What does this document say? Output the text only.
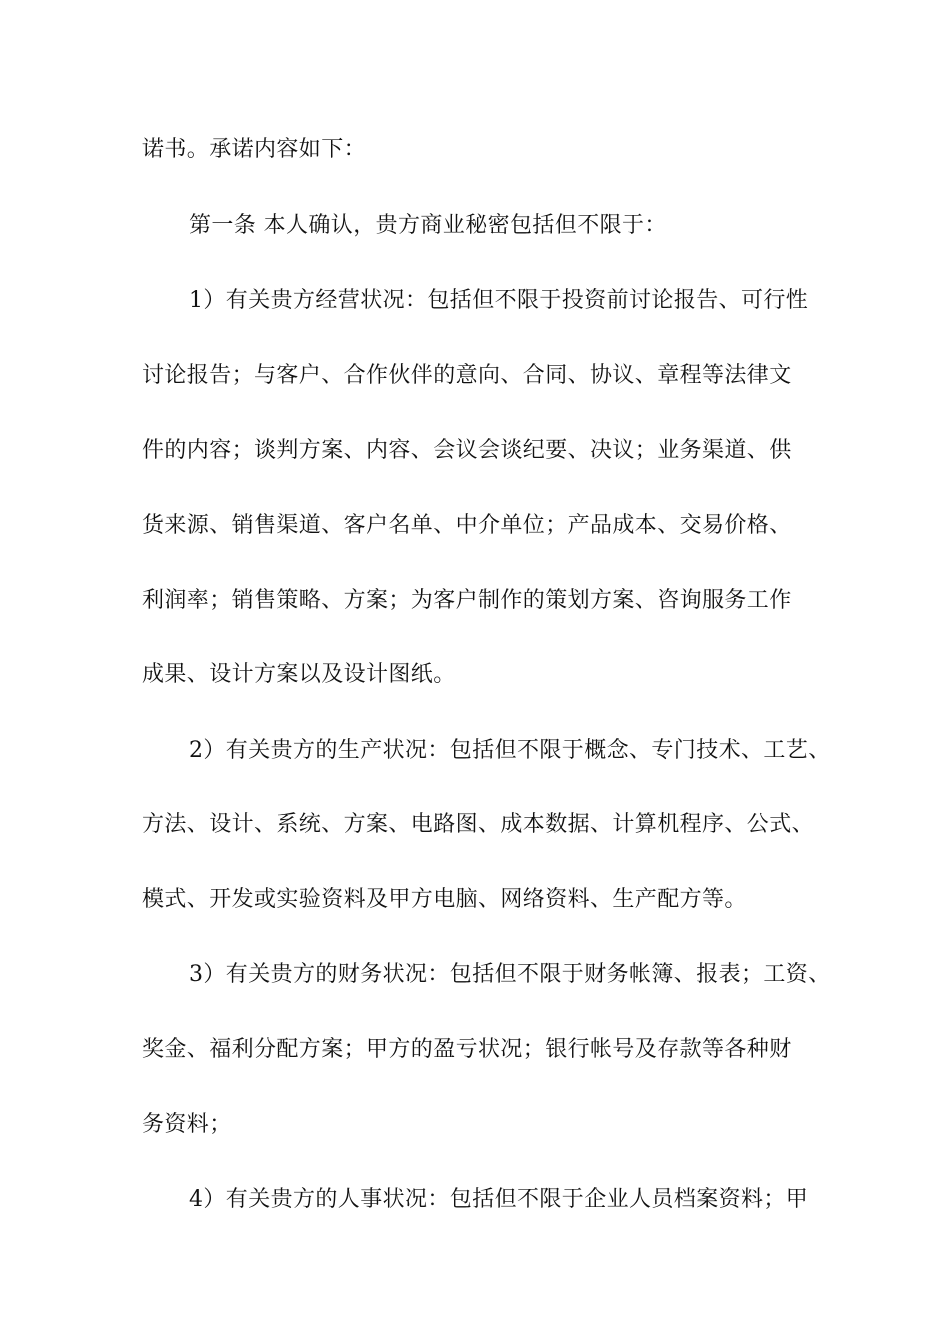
诺书。承诺内容如下：
第一条 本人确认，贵方商业秘密包括但不限于：
1）有关贵方经营状况：包括但不限于投资前讨论报告、可行性
讨论报告；与客户、合作伙伴的意向、合同、协议、章程等法律文
件的内容；谈判方案、内容、会议会谈纪要、决议；业务渠道、供
货来源、销售渠道、客户名单、中介单位；产品成本、交易价格、
利润率；销售策略、方案；为客户制作的策划方案、咨询服务工作
成果、设计方案以及设计图纸。
2）有关贵方的生产状况：包括但不限于概念、专门技术、工艺、
方法、设计、系统、方案、电路图、成本数据、计算机程序、公式、
模式、开发或实验资料及甲方电脑、网络资料、生产配方等。
3）有关贵方的财务状况：包括但不限于财务帐簿、报表；工资、
奖金、福利分配方案；甲方的盈亏状况；银行帐号及存款等各种财
务资料；
4）有关贵方的人事状况：包括但不限于企业人员档案资料；甲
